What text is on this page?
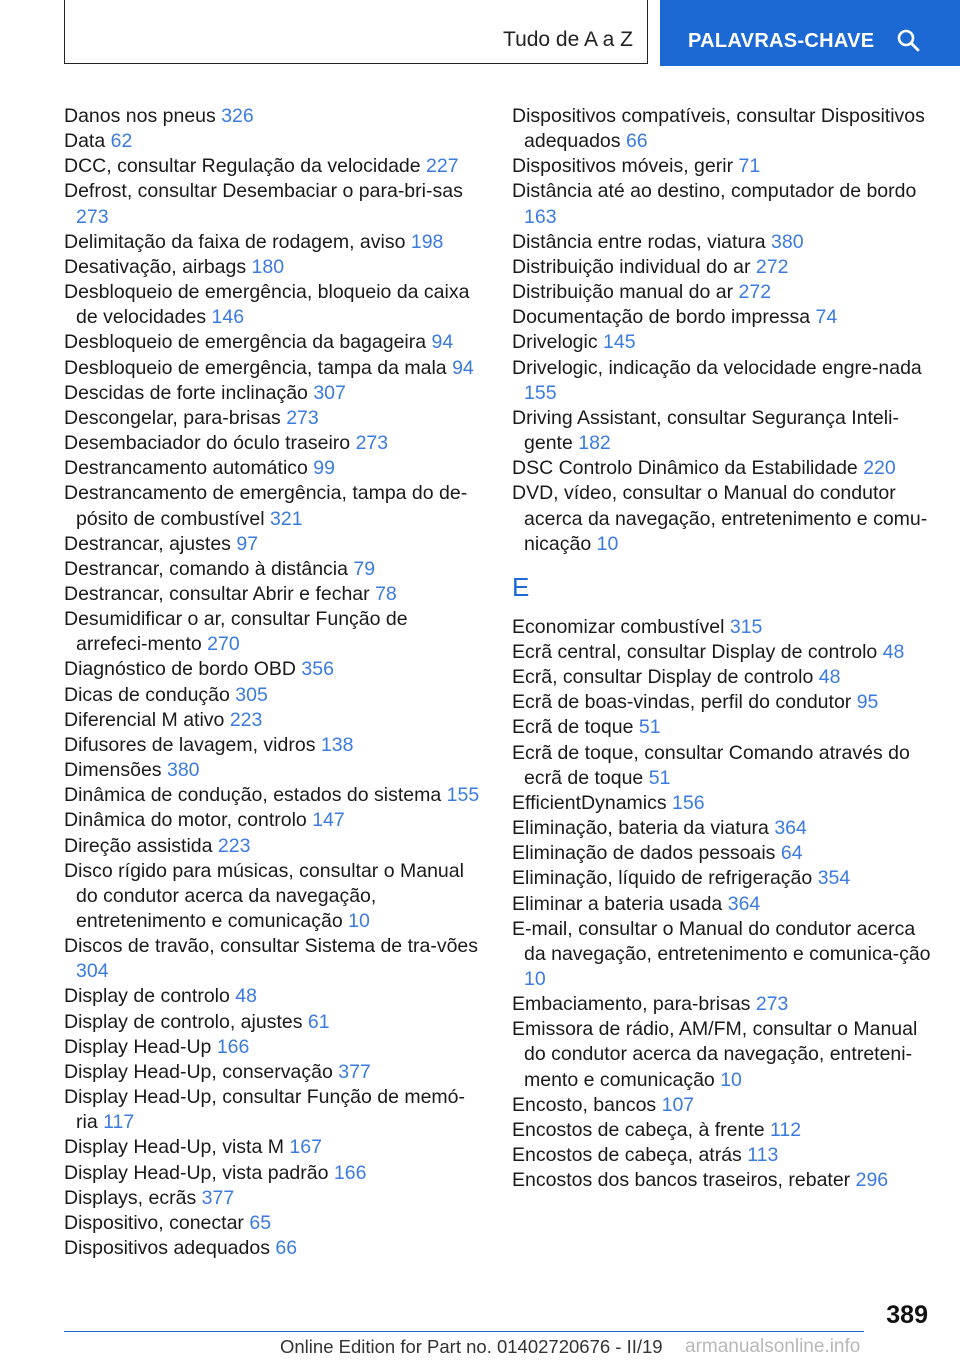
Tudo de A a Z	PALAVRAS-CHAVE
Danos nos pneus 326
Data 62
DCC, consultar Regulação da velocidade 227
Defrost, consultar Desembaciar o para-bri-sas 273
Delimitação da faixa de rodagem, aviso 198
Desativação, airbags 180
Desbloqueio de emergência, bloqueio da caixa de velocidades 146
Desbloqueio de emergência da bagageira 94
Desbloqueio de emergência, tampa da mala 94
Descidas de forte inclinação 307
Descongelar, para-brisas 273
Desembaciador do óculo traseiro 273
Destrancamento automático 99
Destrancamento de emergência, tampa do de-pósito de combustível 321
Destrancar, ajustes 97
Destrancar, comando à distância 79
Destrancar, consultar Abrir e fechar 78
Desumidificar o ar, consultar Função de arrefeci-mento 270
Diagnóstico de bordo OBD 356
Dicas de condução 305
Diferencial M ativo 223
Difusores de lavagem, vidros 138
Dimensões 380
Dinâmica de condução, estados do sistema 155
Dinâmica do motor, controlo 147
Direção assistida 223
Disco rígido para músicas, consultar o Manual do condutor acerca da navegação, entretenimento e comunicação 10
Discos de travão, consultar Sistema de tra-vões 304
Display de controlo 48
Display de controlo, ajustes 61
Display Head-Up 166
Display Head-Up, conservação 377
Display Head-Up, consultar Função de memó-ria 117
Display Head-Up, vista M 167
Display Head-Up, vista padrão 166
Displays, ecrãs 377
Dispositivo, conectar 65
Dispositivos adequados 66
Dispositivos compatíveis, consultar Dispositivos adequados 66
Dispositivos móveis, gerir 71
Distância até ao destino, computador de bordo 163
Distância entre rodas, viatura 380
Distribuição individual do ar 272
Distribuição manual do ar 272
Documentação de bordo impressa 74
Drivelogic 145
Drivelogic, indicação da velocidade engre-nada 155
Driving Assistant, consultar Segurança Inteli-gente 182
DSC Controlo Dinâmico da Estabilidade 220
DVD, vídeo, consultar o Manual do condutor acerca da navegação, entretenimento e comu-nicação 10
E
Economizar combustível 315
Ecrã central, consultar Display de controlo 48
Ecrã, consultar Display de controlo 48
Ecrã de boas-vindas, perfil do condutor 95
Ecrã de toque 51
Ecrã de toque, consultar Comando através do ecrã de toque 51
EfficientDynamics 156
Eliminação, bateria da viatura 364
Eliminação de dados pessoais 64
Eliminação, líquido de refrigeração 354
Eliminar a bateria usada 364
E-mail, consultar o Manual do condutor acerca da navegação, entretenimento e comunica-ção 10
Embaciamento, para-brisas 273
Emissora de rádio, AM/FM, consultar o Manual do condutor acerca da navegação, entreteni-mento e comunicação 10
Encosto, bancos 107
Encostos de cabeça, à frente 112
Encostos de cabeça, atrás 113
Encostos dos bancos traseiros, rebater 296
389
Online Edition for Part no. 01402720676 - II/19 armanualsonline.info
